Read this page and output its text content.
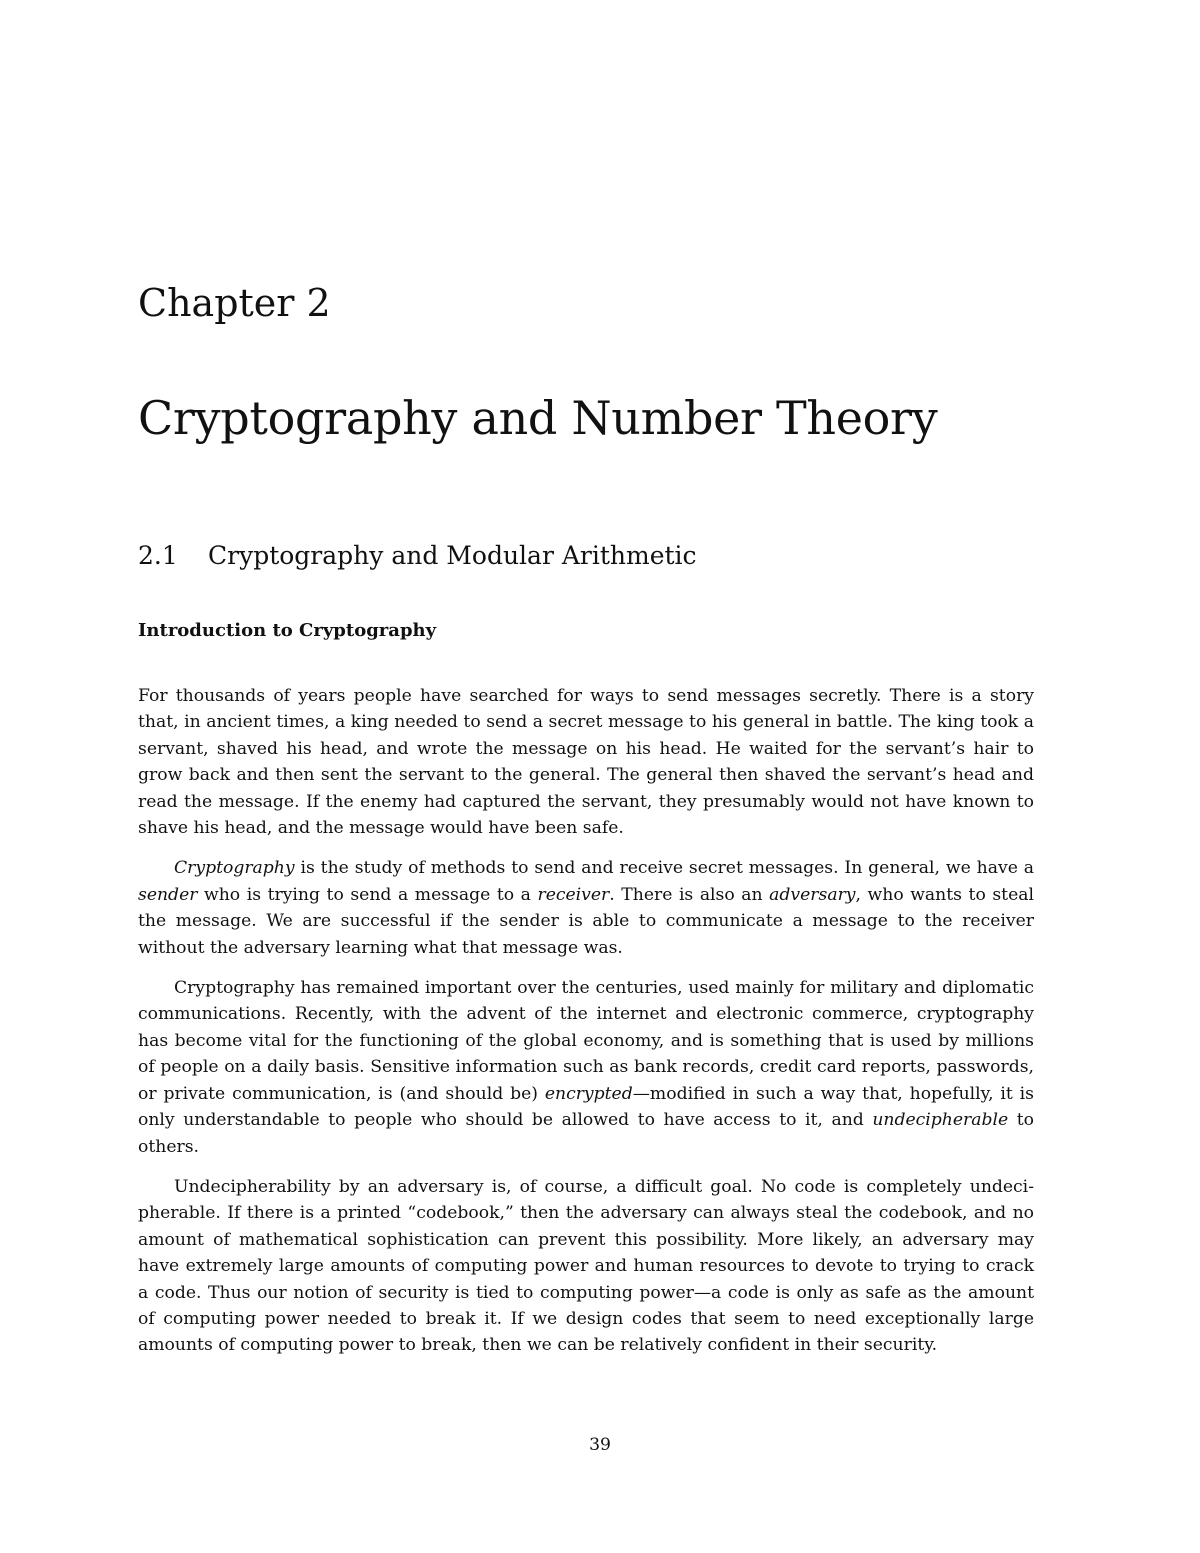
Chapter 2
Cryptography and Number Theory
2.1 Cryptography and Modular Arithmetic
Introduction to Cryptography

For thousands of years people have searched for ways to send messages secretly. There is a story that, in ancient times, a king needed to send a secret message to his general in battle. The king took a servant, shaved his head, and wrote the message on his head. He waited for the servant’s hair to grow back and then sent the servant to the general. The general then shaved the servant’s head and read the message. If the enemy had captured the servant, they presumably would not have known to shave his head, and the message would have been safe.

Cryptography is the study of methods to send and receive secret messages. In general, we have a sender who is trying to send a message to a receiver. There is also an adversary, who wants to steal the message. We are successful if the sender is able to communicate a message to the receiver without the adversary learning what that message was.

Cryptography has remained important over the centuries, used mainly for military and diplomatic communications. Recently, with the advent of the internet and electronic commerce, cryptography has become vital for the functioning of the global economy, and is something that is used by millions of people on a daily basis. Sensitive information such as bank records, credit card reports, passwords, or private communication, is (and should be) encrypted—modified in such a way that, hopefully, it is only understandable to people who should be allowed to have access to it, and undecipherable to others.

Undecipherability by an adversary is, of course, a difficult goal. No code is completely undecipherable. If there is a printed “codebook,” then the adversary can always steal the codebook, and no amount of mathematical sophistication can prevent this possibility. More likely, an adversary may have extremely large amounts of computing power and human resources to devote to trying to crack a code. Thus our notion of security is tied to computing power—a code is only as safe as the amount of computing power needed to break it. If we design codes that seem to need exceptionally large amounts of computing power to break, then we can be relatively confident in their security.

39
